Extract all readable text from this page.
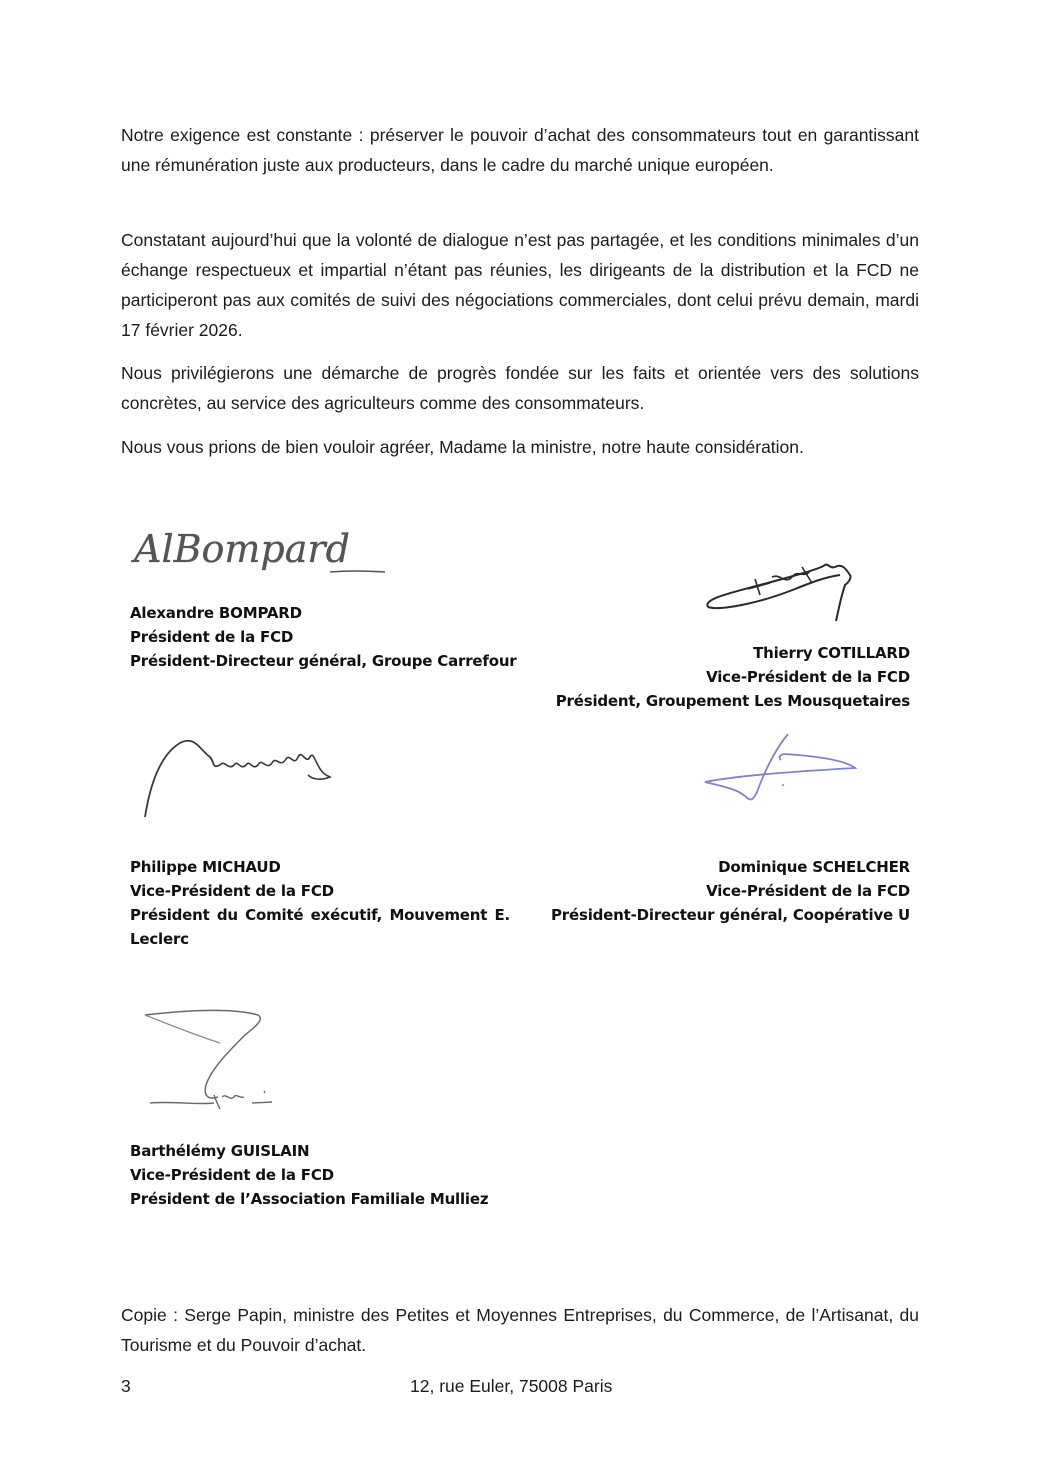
Notre exigence est constante : préserver le pouvoir d’achat des consommateurs tout en garantissant une rémunération juste aux producteurs, dans le cadre du marché unique européen.

Constatant aujourd’hui que la volonté de dialogue n’est pas partagée, et les conditions minimales d’un échange respectueux et impartial n’étant pas réunies, les dirigeants de la distribution et la FCD ne participeront pas aux comités de suivi des négociations commerciales, dont celui prévu demain, mardi 17 février 2026.

Nous privilégierons une démarche de progrès fondée sur les faits et orientée vers des solutions concrètes, au service des agriculteurs comme des consommateurs.

Nous vous prions de bien vouloir agréer, Madame la ministre, notre haute considération.

AlBompard
Alexandre BOMPARD
Président de la FCD
Président-Directeur général, Groupe Carrefour	Thierry COTILLARD
Vice-Président de la FCD
Président, Groupement Les Mousquetaires
Philippe MICHAUD
Vice-Président de la FCD
Président du Comité exécutif, Mouvement E. Leclerc
Dominique SCHELCHER
Vice-Président de la FCD
Président-Directeur général, Coopérative U
Barthélémy GUISLAIN
Vice-Président de la FCD
Président de l’Association Familiale Mulliez

Copie : Serge Papin, ministre des Petites et Moyennes Entreprises, du Commerce, de l’Artisanat, du Tourisme et du Pouvoir d’achat.

3	12, rue Euler, 75008 Paris
